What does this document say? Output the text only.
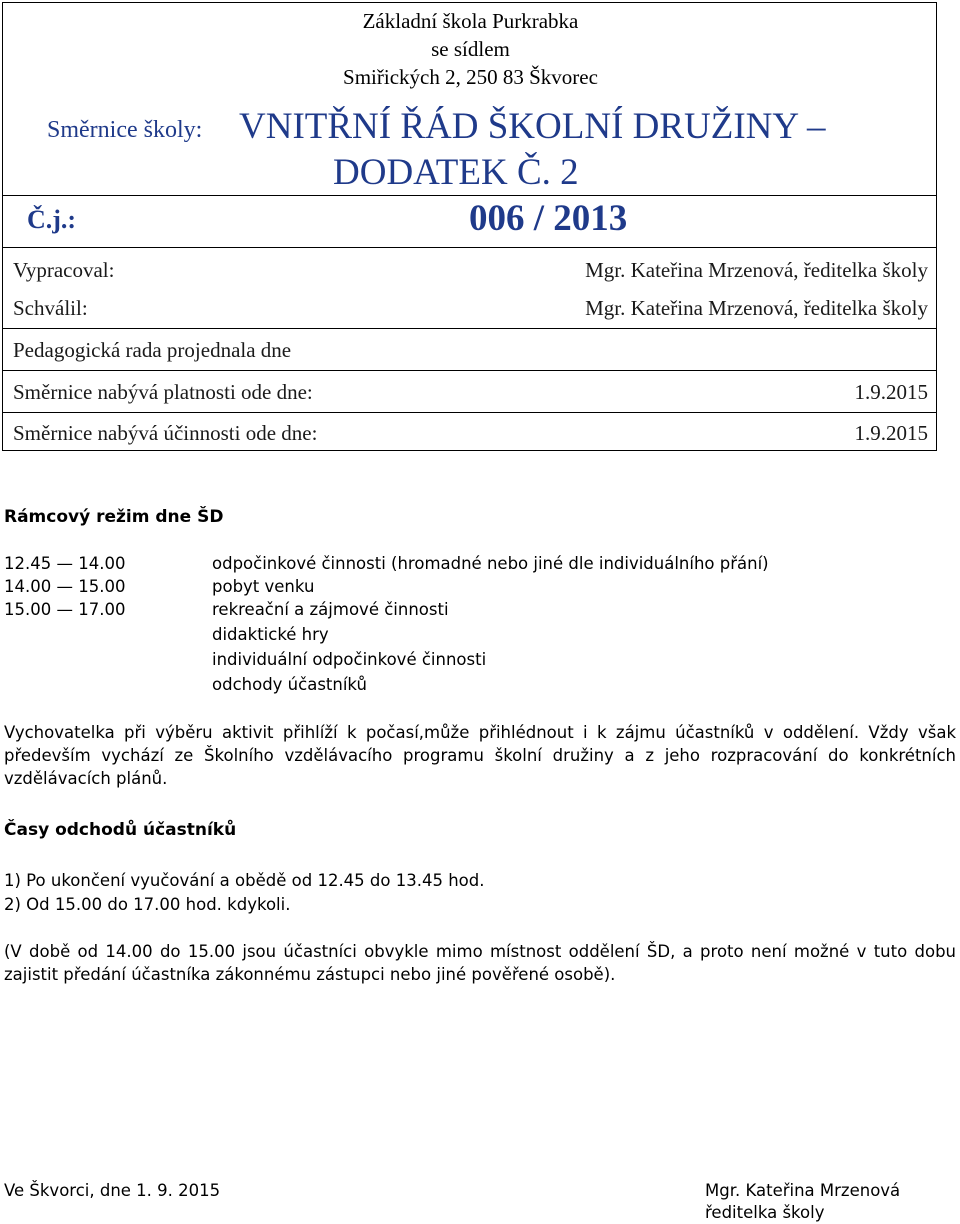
Základní škola Purkrabka
se sídlem
Smiřických 2, 250 83 Škvorec
Směrnice školy: VNITŘNÍ ŘÁD ŠKOLNÍ DRUŽINY –
DODATEK Č. 2
Č.j.:	006 / 2013
Vypracoval:	Mgr. Kateřina Mrzenová, ředitelka školy
Schválil:	Mgr. Kateřina Mrzenová, ředitelka školy
Pedagogická rada projednala dne
Směrnice nabývá platnosti ode dne:	1.9.2015
Směrnice nabývá účinnosti ode dne:	1.9.2015
Rámcový režim dne ŠD
12.45 — 14.00	odpočinkové činnosti (hromadné nebo jiné dle individuálního přání)
14.00 — 15.00	pobyt venku
15.00 — 17.00	rekreační a zájmové činnosti
didaktické hry
individuální odpočinkové činnosti
odchody účastníků
Vychovatelka při výběru aktivit přihlíží k počasí,může přihlédnout i k zájmu účastníků v oddělení. Vždy však především vychází ze Školního vzdělávacího programu školní družiny a z jeho rozpracování do konkrétních vzdělávacích plánů.
Časy odchodů účastníků
1) Po ukončení vyučování a obědě od 12.45 do 13.45 hod.
2) Od 15.00 do 17.00 hod. kdykoli.
(V době od 14.00 do 15.00 jsou účastníci obvykle mimo místnost oddělení ŠD, a proto není možné v tuto dobu zajistit předání účastníka zákonnému zástupci nebo jiné pověřené osobě).
Ve Škvorci, dne 1. 9. 2015	Mgr. Kateřina Mrzenová
ředitelka školy
